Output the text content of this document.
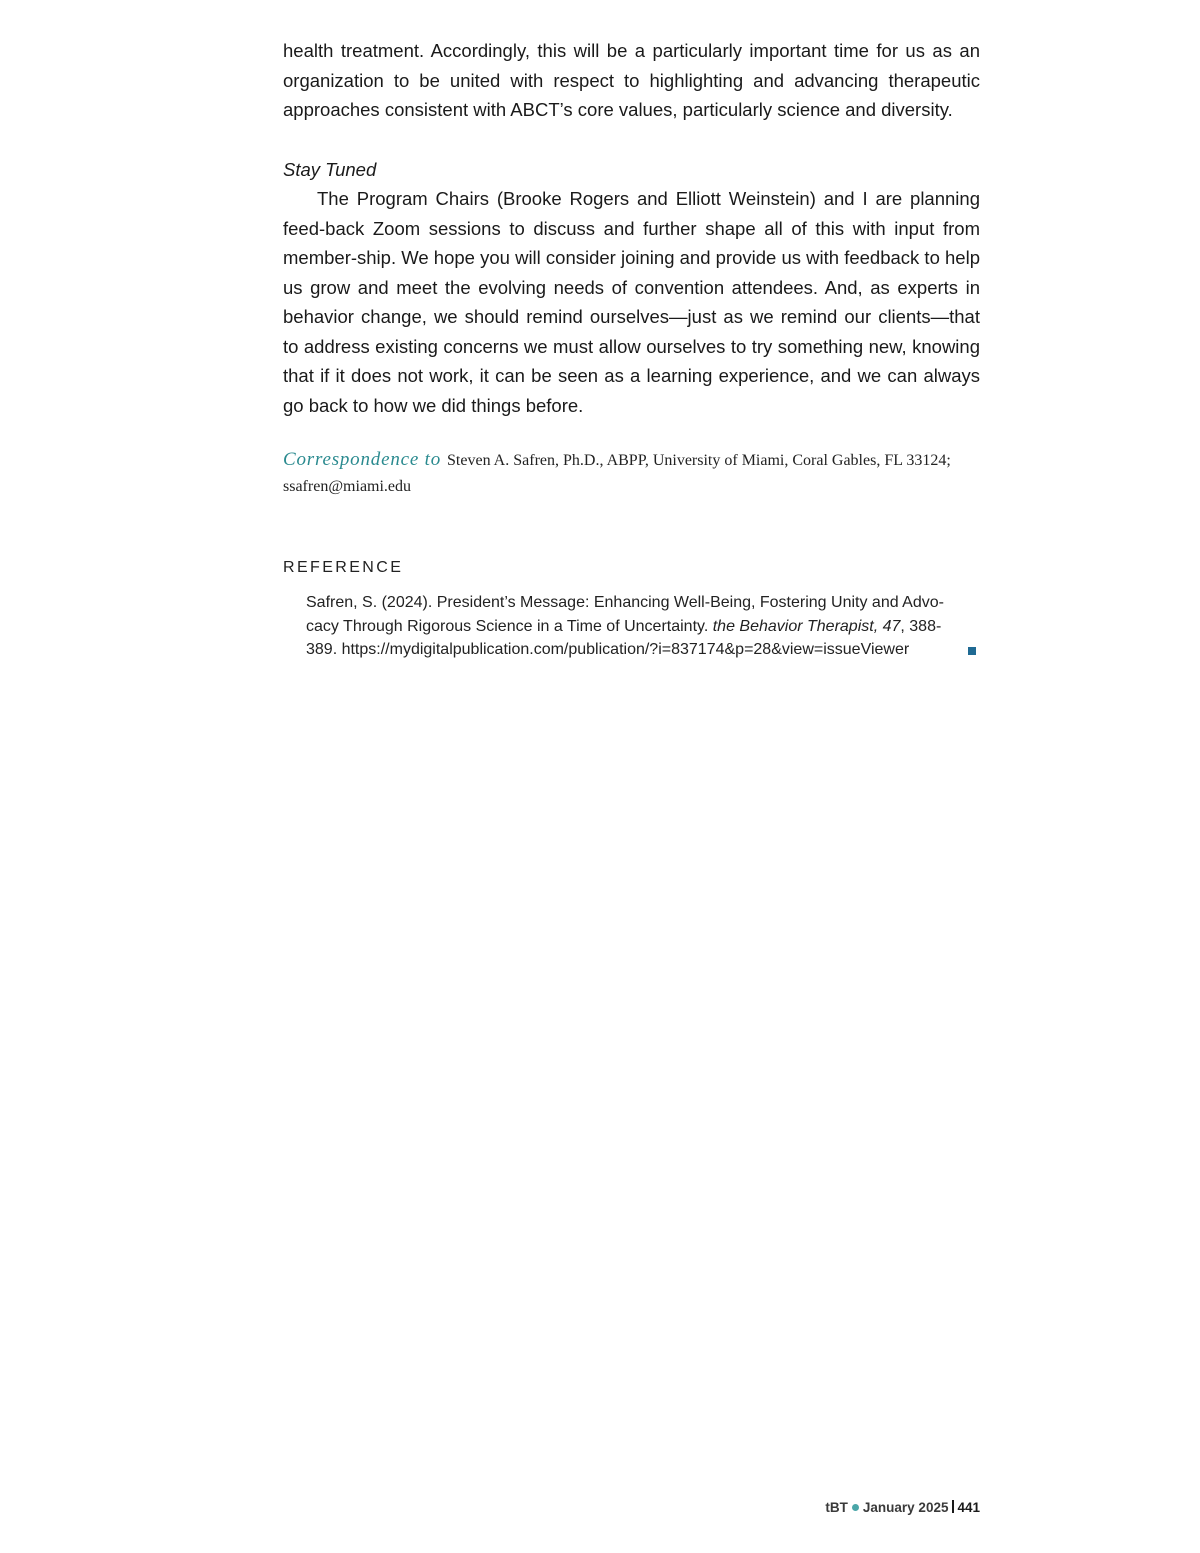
health treatment. Accordingly, this will be a particularly important time for us as an organization to be united with respect to highlighting and advancing therapeutic approaches consistent with ABCT’s core values, particularly science and diversity.

Stay Tuned

The Program Chairs (Brooke Rogers and Elliott Weinstein) and I are planning feed-back Zoom sessions to discuss and further shape all of this with input from member-ship. We hope you will consider joining and provide us with feedback to help us grow and meet the evolving needs of convention attendees. And, as experts in behavior change, we should remind ourselves—just as we remind our clients—that to address existing concerns we must allow ourselves to try something new, knowing that if it does not work, it can be seen as a learning experience, and we can always go back to how we did things before.

Correspondence to Steven A. Safren, Ph.D., ABPP, University of Miami, Coral Gables, FL 33124; ssafren@miami.edu

REFERENCE

Safren, S. (2024). President’s Message: Enhancing Well-Being, Fostering Unity and Advo-cacy Through Rigorous Science in a Time of Uncertainty. the Behavior Therapist, 47, 388-389. https://mydigitalpublication.com/publication/?i=837174&p=28&view=issueViewer

tBT January 2025 441
